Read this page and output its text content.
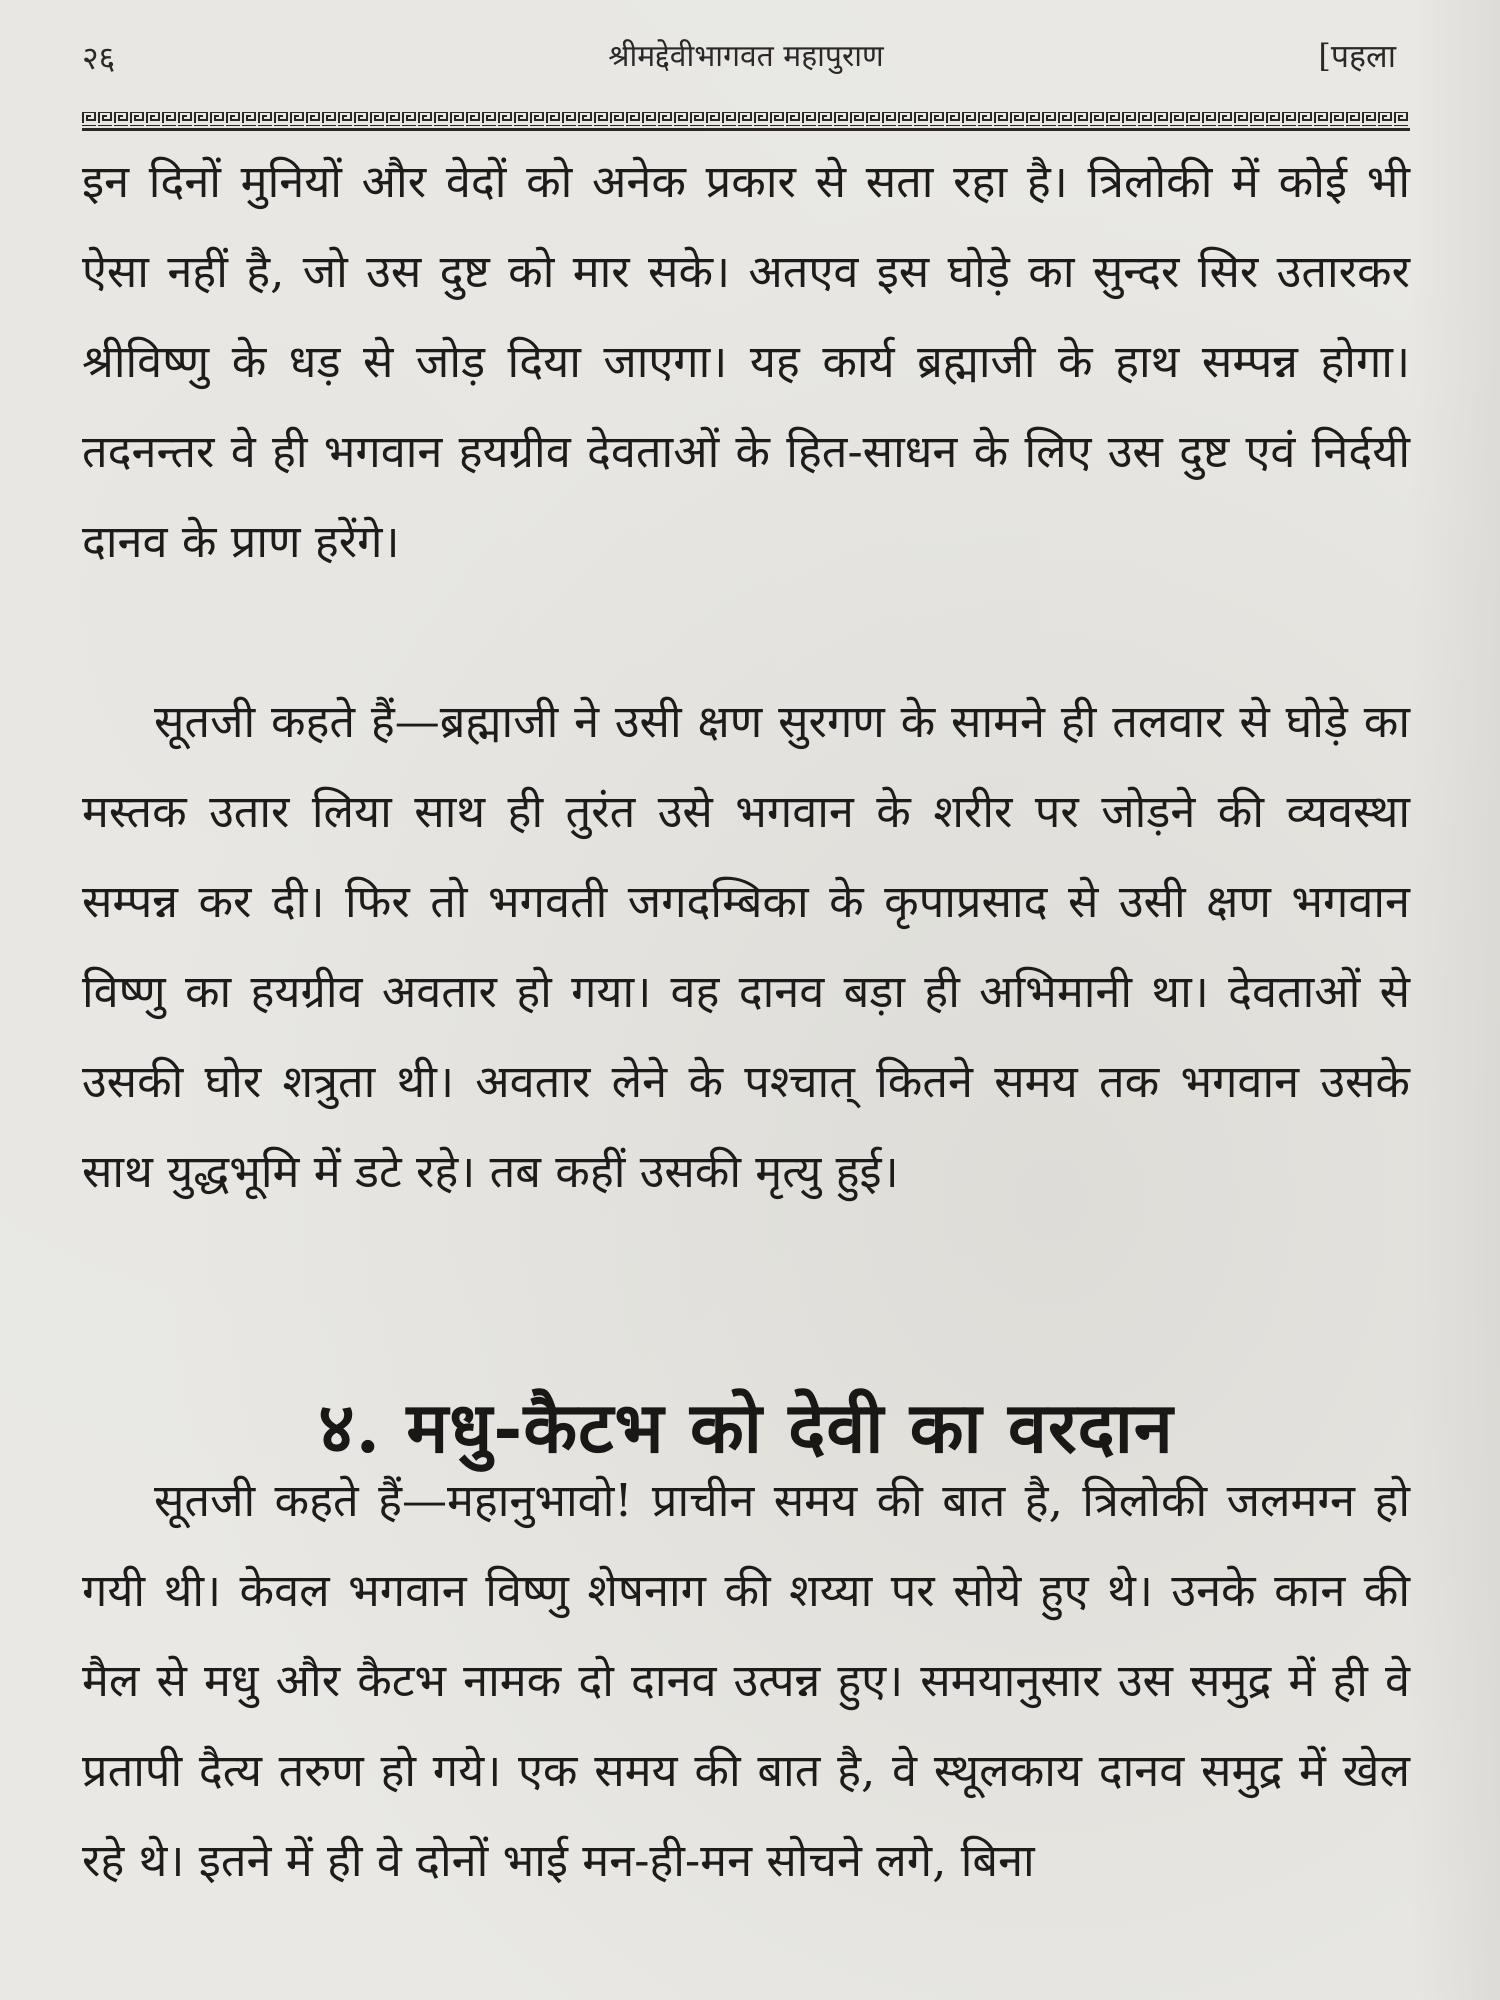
२६	श्रीमद्देवीभागवत महापुराण	[पहला

इन दिनों मुनियों और वेदों को अनेक प्रकार से सता रहा है। त्रिलोकी में कोई भी ऐसा नहीं है, जो उस दुष्ट को मार सके। अतएव इस घोड़े का सुन्दर सिर उतारकर श्रीविष्णु के धड़ से जोड़ दिया जाएगा। यह कार्य ब्रह्माजी के हाथ सम्पन्न होगा। तदनन्तर वे ही भगवान हयग्रीव देवताओं के हित-साधन के लिए उस दुष्ट एवं निर्दयी दानव के प्राण हरेंगे।

सूतजी कहते हैं—ब्रह्माजी ने उसी क्षण सुरगण के सामने ही तलवार से घोड़े का मस्तक उतार लिया साथ ही तुरंत उसे भगवान के शरीर पर जोड़ने की व्यवस्था सम्पन्न कर दी। फिर तो भगवती जगदम्बिका के कृपाप्रसाद से उसी क्षण भगवान विष्णु का हयग्रीव अवतार हो गया। वह दानव बड़ा ही अभिमानी था। देवताओं से उसकी घोर शत्रुता थी। अवतार लेने के पश्चात् कितने समय तक भगवान उसके साथ युद्धभूमि में डटे रहे। तब कहीं उसकी मृत्यु हुई।

४. मधु-कैटभ को देवी का वरदान

सूतजी कहते हैं—महानुभावो! प्राचीन समय की बात है, त्रिलोकी जलमग्न हो गयी थी। केवल भगवान विष्णु शेषनाग की शय्या पर सोये हुए थे। उनके कान की मैल से मधु और कैटभ नामक दो दानव उत्पन्न हुए। समयानुसार उस समुद्र में ही वे प्रतापी दैत्य तरुण हो गये। एक समय की बात है, वे स्थूलकाय दानव समुद्र में खेल रहे थे। इतने में ही वे दोनों भाई मन-ही-मन सोचने लगे, बिना
